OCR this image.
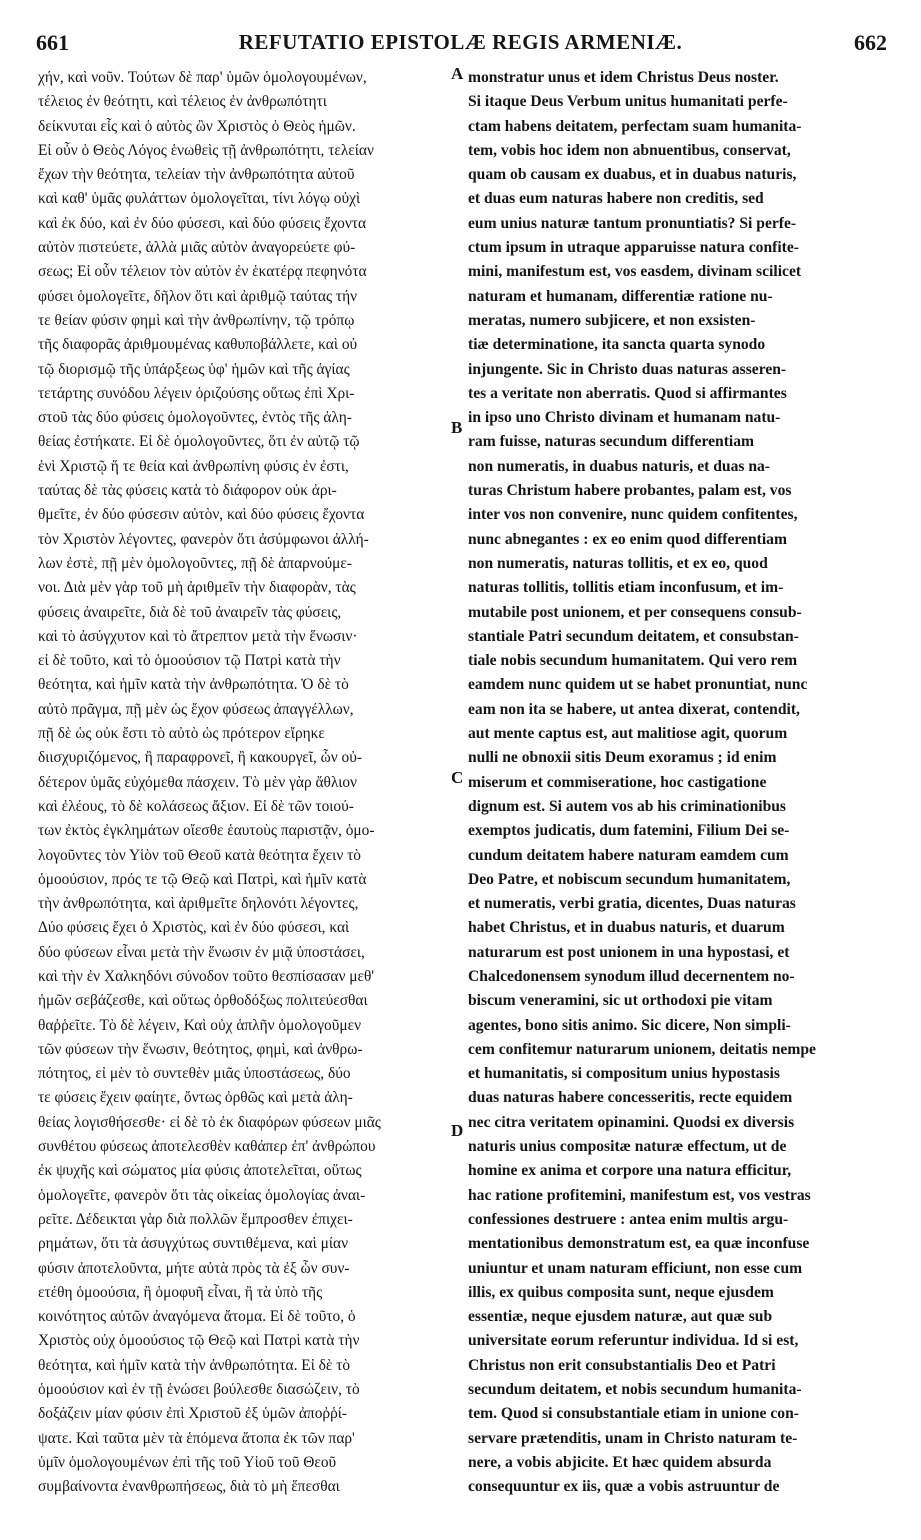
661	REFUTATIO EPISTOLÆ REGIS ARMENIÆ.	662
χήν, καὶ νοῦν. Τούτων δὲ παρ' ὑμῶν ὁμολογουμένων,
τέλειος ἐν θεότητι, καὶ τέλειος ἐν ἀνθρωπότητι
δείκνυται εἷς καὶ ὁ αὐτὸς ὢν Χριστὸς ὁ Θεὸς ἡμῶν.
Εἰ οὖν ὁ Θεὸς Λόγος ἑνωθεὶς τῇ ἀνθρωπότητι, τελείαν
ἔχων τὴν θεότητα, τελείαν τὴν ἀνθρωπότητα αὐτοῦ
καὶ καθ' ὑμᾶς φυλάττων ὁμολογεῖται, τίνι λόγῳ οὐχὶ
καὶ ἐκ δύο, καὶ ἐν δύο φύσεσι, καὶ δύο φύσεις ἔχοντα
αὐτὸν πιστεύετε, ἀλλὰ μιᾶς αὐτὸν ἀναγορεύετε φύ-
σεως; Εἰ οὖν τέλειον τὸν αὐτὸν ἐν ἑκατέρᾳ πεφηνότα
φύσει ὁμολογεῖτε, δῆλον ὅτι καὶ ἀριθμῷ ταύτας τήν
τε θείαν φύσιν φημὶ καὶ τὴν ἀνθρωπίνην, τῷ τρόπῳ
τῆς διαφορᾶς ἀριθμουμένας καθυποβάλλετε, καὶ οὐ
τῷ διορισμῷ τῆς ὑπάρξεως ὑφ' ἡμῶν καὶ τῆς ἁγίας
τετάρτης συνόδου λέγειν ὁριζούσης οὕτως ἐπὶ Χρι-
στοῦ τὰς δύο φύσεις ὁμολογοῦντες, ἐντὸς τῆς ἀλη-
θείας ἐστήκατε. Εἰ δὲ ὁμολογοῦντες, ὅτι ἐν αὐτῷ τῷ
ἑνὶ Χριστῷ ἥ τε θεία καὶ ἀνθρωπίνη φύσις ἐν ἐστι,
ταύτας δὲ τὰς φύσεις κατὰ τὸ διάφορον οὐκ ἀρι-
θμεῖτε, ἐν δύο φύσεσιν αὐτὸν, καὶ δύο φύσεις ἔχοντα
τὸν Χριστὸν λέγοντες, φανερὸν ὅτι ἀσύμφωνοι ἀλλή-
λων ἐστὲ, πῇ μὲν ὁμολογοῦντες, πῇ δὲ ἀπαρνούμε-
νοι. Διὰ μὲν γὰρ τοῦ μὴ ἀριθμεῖν τὴν διαφορὰν, τὰς
φύσεις ἀναιρεῖτε, διὰ δὲ τοῦ ἀναιρεῖν τὰς φύσεις,
καὶ τὸ ἀσύγχυτον καὶ τὸ ἄτρεπτον μετὰ τὴν ἕνωσιν·
εἰ δὲ τοῦτο, καὶ τὸ ὁμοούσιον τῷ Πατρὶ κατὰ τὴν
θεότητα, καὶ ἡμῖν κατὰ τὴν ἀνθρωπότητα. Ὁ δὲ τὸ
αὐτὸ πρᾶγμα, πῇ μὲν ὡς ἔχον φύσεως ἀπαγγέλλων,
πῇ δὲ ὡς οὐκ ἔστι τὸ αὐτὸ ὡς πρότερον εἴρηκε
διισχυριζόμενος, ἢ παραφρονεῖ, ἢ κακουργεῖ, ὧν οὐ-
δέτερον ὑμᾶς εὐχόμεθα πάσχειν. Τὸ μὲν γὰρ ἄθλιον
καὶ ἐλέους, τὸ δὲ κολάσεως ἄξιον. Εἰ δὲ τῶν τοιού-
των ἐκτὸς ἐγκλημάτων οἴεσθε ἑαυτοὺς παριστᾷν, ὁμο-
λογοῦντες τὸν Υἱὸν τοῦ Θεοῦ κατὰ θεότητα ἔχειν τὸ
ὁμοούσιον, πρός τε τῷ Θεῷ καὶ Πατρὶ, καὶ ἡμῖν κατὰ
τὴν ἀνθρωπότητα, καὶ ἀριθμεῖτε δηλονότι λέγοντες,
Δύο φύσεις ἔχει ὁ Χριστὸς, καὶ ἐν δύο φύσεσι, καὶ
δύο φύσεων εἶναι μετὰ τὴν ἕνωσιν ἐν μιᾷ ὑποστάσει,
καὶ τὴν ἐν Χαλκηδόνι σύνοδον τοῦτο θεσπίσασαν μεθ'
ἡμῶν σεβάζεσθε, καὶ οὕτως ὀρθοδόξως πολιτεύεσθαι
θαῤῥεῖτε. Τὸ δὲ λέγειν, Καὶ οὐχ ἁπλῆν ὁμολογοῦμεν
τῶν φύσεων τὴν ἕνωσιν, θεότητος, φημὶ, καὶ ἀνθρω-
πότητος, εἰ μὲν τὸ συντεθὲν μιᾶς ὑποστάσεως, δύο
τε φύσεις ἔχειν φαίητε, ὄντως ὀρθῶς καὶ μετὰ ἀλη-
θείας λογισθήσεσθε· εἰ δὲ τὸ ἐκ διαφόρων φύσεων μιᾶς
συνθέτου φύσεως ἀποτελεσθὲν καθάπερ ἐπ' ἀνθρώπου
ἐκ ψυχῆς καὶ σώματος μία φύσις ἀποτελεῖται, οὕτως
ὁμολογεῖτε, φανερὸν ὅτι τὰς οἰκείας ὁμολογίας ἀναι-
ρεῖτε. Δέδεικται γὰρ διὰ πολλῶν ἔμπροσθεν ἐπιχει-
ρημάτων, ὅτι τὰ ἀσυγχύτως συντιθέμενα, καὶ μίαν
φύσιν ἀποτελοῦντα, μήτε αὐτὰ πρὸς τὰ ἐξ ὧν συν-
ετέθη ὁμοούσια, ἢ ὁμοφυῆ εἶναι, ἢ τὰ ὑπὸ τῆς
κοινότητος αὐτῶν ἀναγόμενα ἄτομα. Εἰ δὲ τοῦτο, ὁ
Χριστὸς οὐχ ὁμοούσιος τῷ Θεῷ καὶ Πατρὶ κατὰ τὴν
θεότητα, καὶ ἡμῖν κατὰ τὴν ἀνθρωπότητα. Εἰ δὲ τὸ
ὁμοούσιον καὶ ἐν τῇ ἑνώσει βούλεσθε διασώζειν, τὸ
δοξάζειν μίαν φύσιν ἐπὶ Χριστοῦ ἐξ ὑμῶν ἀποῤῥί-
ψατε. Καὶ ταῦτα μὲν τὰ ἑπόμενα ἄτοπα ἐκ τῶν παρ'
ὑμῖν ὁμολογουμένων ἐπὶ τῆς τοῦ Υἱοῦ τοῦ Θεοῦ
συμβαίνοντα ἐνανθρωπήσεως, διὰ τὸ μὴ ἕπεσθαι
monstratur unus et idem Christus Deus noster.
Si itaque Deus Verbum unitus humanitati perfe-
ctam habens deitatem, perfectam suam humanita-
tem, vobis hoc idem non abnuentibus, conservat,
quam ob causam ex duabus, et in duabus naturis,
et duas eum naturas habere non creditis, sed
eum unius naturæ tantum pronuntiatis? Si perfe-
ctum ipsum in utraque apparuisse natura confite-
mini, manifestum est, vos easdem, divinam scilicet
naturam et humanam, differentiæ ratione nu-
meratas, numero subjicere, et non exsisten-
tiæ determinatione, ita sancta quarta synodo
injungente. Sic in Christo duas naturas asseren-
tes a veritate non aberratis. Quod si affirmantes
in ipso uno Christo divinam et humanam natu-
ram fuisse, naturas secundum differentiam
non numeratis, in duabus naturis, et duas na-
turas Christum habere probantes, palam est, vos
inter vos non convenire, nunc quidem confitentes,
nunc abnegantes : ex eo enim quod differentiam
non numeratis, naturas tollitis, et ex eo, quod
naturas tollitis, tollitis etiam inconfusum, et im-
mutabile post unionem, et per consequens consub-
stantiale Patri secundum deitatem, et consubstan-
tiale nobis secundum humanitatem. Qui vero rem
eamdem nunc quidem ut se habet pronuntiat, nunc
eam non ita se habere, ut antea dixerat, contendit,
aut mente captus est, aut malitiose agit, quorum
nulli ne obnoxii sitis Deum exoramus ; id enim
miserum et commiseratione, hoc castigatione
dignum est. Si autem vos ab his criminationibus
exemptos judicatis, dum fatemini, Filium Dei se-
cundum deitatem habere naturam eamdem cum
Deo Patre, et nobiscum secundum humanitatem,
et numeratis, verbi gratia, dicentes, Duas naturas
habet Christus, et in duabus naturis, et duarum
naturarum est post unionem in una hypostasi, et
Chalcedonensem synodum illud decernentem no-
biscum veneramini, sic ut orthodoxi pie vitam
agentes, bono sitis animo. Sic dicere, Non simpli-
cem confitemur naturarum unionem, deitatis nempe
et humanitatis, si compositum unius hypostasis
duas naturas habere concesseritis, recte equidem
nec citra veritatem opinamini. Quodsi ex diversis
naturis unius compositæ naturæ effectum, ut de
homine ex anima et corpore una natura efficitur,
hac ratione profitemini, manifestum est, vos vestras
confessiones destruere : antea enim multis argu-
mentationibus demonstratum est, ea quæ inconfuse
uniuntur et unam naturam efficiunt, non esse cum
illis, ex quibus composita sunt, neque ejusdem
essentiæ, neque ejusdem naturæ, aut quæ sub
universitate eorum referuntur individua. Id si est,
Christus non erit consubstantialis Deo et Patri
secundum deitatem, et nobis secundum humanita-
tem. Quod si consubstantiale etiam in unione con-
servare prætenditis, unam in Christo naturam te-
nere, a vobis abjicite. Et hæc quidem absurda
consequuntur ex iis, quæ a vobis astruuntur de
A
B
C
D
